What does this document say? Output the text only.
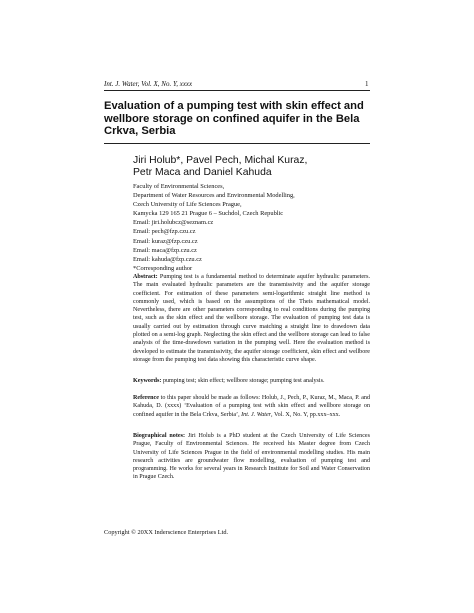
Int. J. Water, Vol. X, No. Y, xxxx	1
Evaluation of a pumping test with skin effect and
wellbore storage on confined aquifer in the Bela
Crkva, Serbia
Jiri Holub*, Pavel Pech, Michal Kuraz,
Petr Maca and Daniel Kahuda
Faculty of Environmental Sciences,
Department of Water Resources and Environmental Modelling,
Czech University of Life Sciences Prague,
Kamycka 129 165 21 Prague 6 – Suchdol, Czech Republic
Email: jiri.holubcz@seznam.cz
Email: pech@fzp.czu.cz
Email: kuraz@fzp.czu.cz
Email: maca@fzp.czu.cz
Email: kahuda@fzp.czu.cz
*Corresponding author

Abstract: Pumping test is a fundamental method to determinate aquifer hydraulic parameters. The main evaluated hydraulic parameters are the transmissivity and the aquifer storage coefficient. For estimation of these parameters semi-logarithmic straight line method is commonly used, which is based on the assumptions of the Theis mathematical model. Nevertheless, there are other parameters corresponding to real conditions during the pumping test, such as the skin effect and the wellbore storage. The evaluation of pumping test data is usually carried out by estimation through curve matching a straight line to drawdown data plotted on a semi-log graph. Neglecting the skin effect and the wellbore storage can lead to false analysis of the time-drawdown variation in the pumping well. Here the evaluation method is developed to estimate the transmissivity, the aquifer storage coefficient, skin effect and wellbore storage from the pumping test data showing this characteristic curve shape.

Keywords: pumping test; skin effect; wellbore storage; pumping test analysis.

Reference to this paper should be made as follows: Holub, J., Pech, P., Kuraz, M., Maca, P. and Kahuda, D. (xxxx) ‘Evaluation of a pumping test with skin effect and wellbore storage on confined aquifer in the Bela Crkva, Serbia’, Int. J. Water, Vol. X, No. Y, pp.xxx–xxx.

Biographical notes: Jiri Holub is a PhD student at the Czech University of Life Sciences Prague, Faculty of Environmental Sciences. He received his Master degree from Czech University of Life Sciences Prague in the field of environmental modelling studies. His main research activities are groundwater flow modelling, evaluation of pumping test and programming. He works for several years in Research Institute for Soil and Water Conservation in Prague Czech.

Copyright © 20XX Inderscience Enterprises Ltd.
